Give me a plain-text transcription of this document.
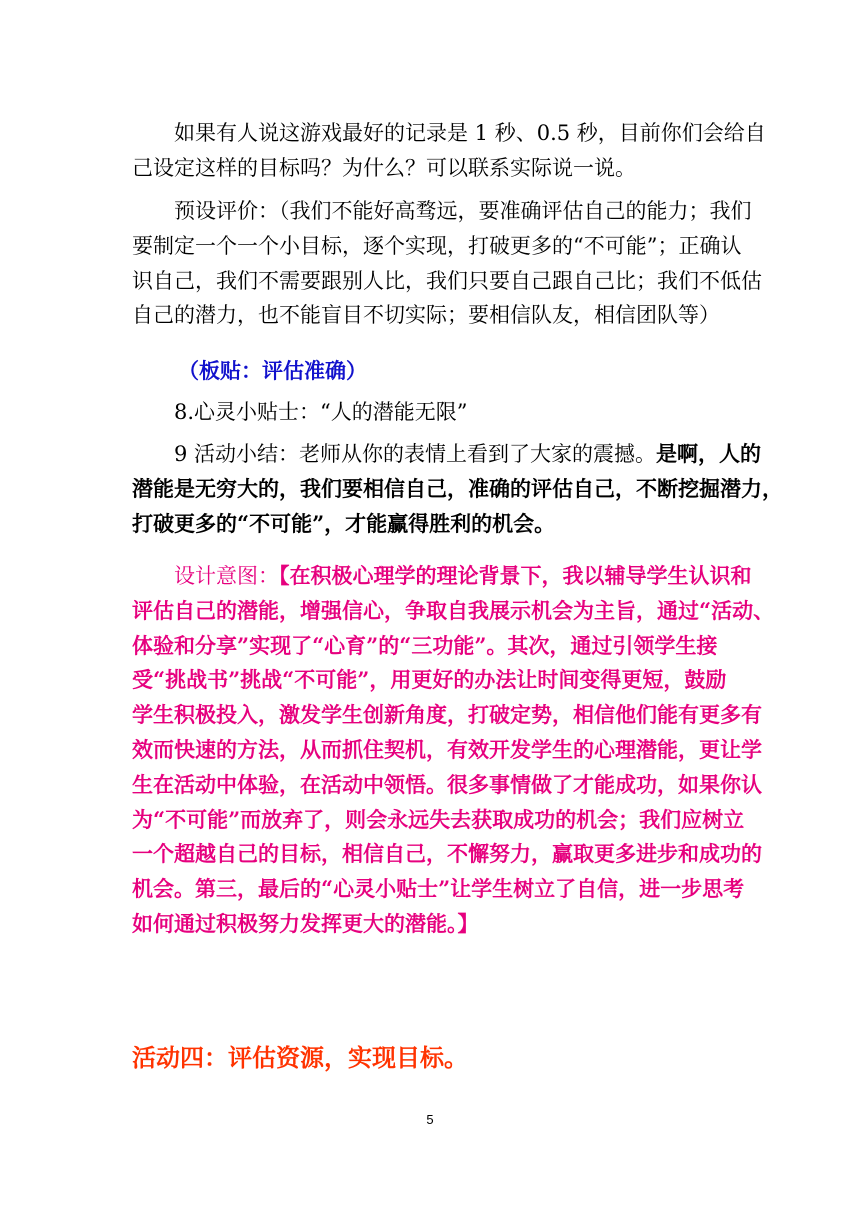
如果有人说这游戏最好的记录是 1 秒、0.5 秒，目前你们会给自
己设定这样的目标吗？为什么？可以联系实际说一说。
预设评价：（我们不能好高骛远，要准确评估自己的能力；我们
要制定一个一个小目标，逐个实现，打破更多的“不可能”；正确认
识自己，我们不需要跟别人比，我们只要自己跟自己比；我们不低估
自己的潜力，也不能盲目不切实际；要相信队友，相信团队等）

（板贴：评估准确）

8.心灵小贴士：“人的潜能无限”

9 活动小结：老师从你的表情上看到了大家的震撼。是啊，人的
潜能是无穷大的，我们要相信自己，准确的评估自己，不断挖掘潜力，
打破更多的“不可能”，才能赢得胜利的机会。
设计意图：【在积极心理学的理论背景下，我以辅导学生认识和
评估自己的潜能，增强信心，争取自我展示机会为主旨，通过“活动、
体验和分享”实现了“心育”的“三功能”。其次，通过引领学生接
受“挑战书”挑战“不可能”，用更好的办法让时间变得更短，鼓励
学生积极投入，激发学生创新角度，打破定势，相信他们能有更多有
效而快速的方法，从而抓住契机，有效开发学生的心理潜能，更让学
生在活动中体验，在活动中领悟。很多事情做了才能成功，如果你认
为“不可能”而放弃了，则会永远失去获取成功的机会；我们应树立
一个超越自己的目标，相信自己，不懈努力，赢取更多进步和成功的
机会。第三，最后的“心灵小贴士”让学生树立了自信，进一步思考
如何通过积极努力发挥更大的潜能。】
活动四：评估资源，实现目标。
5
